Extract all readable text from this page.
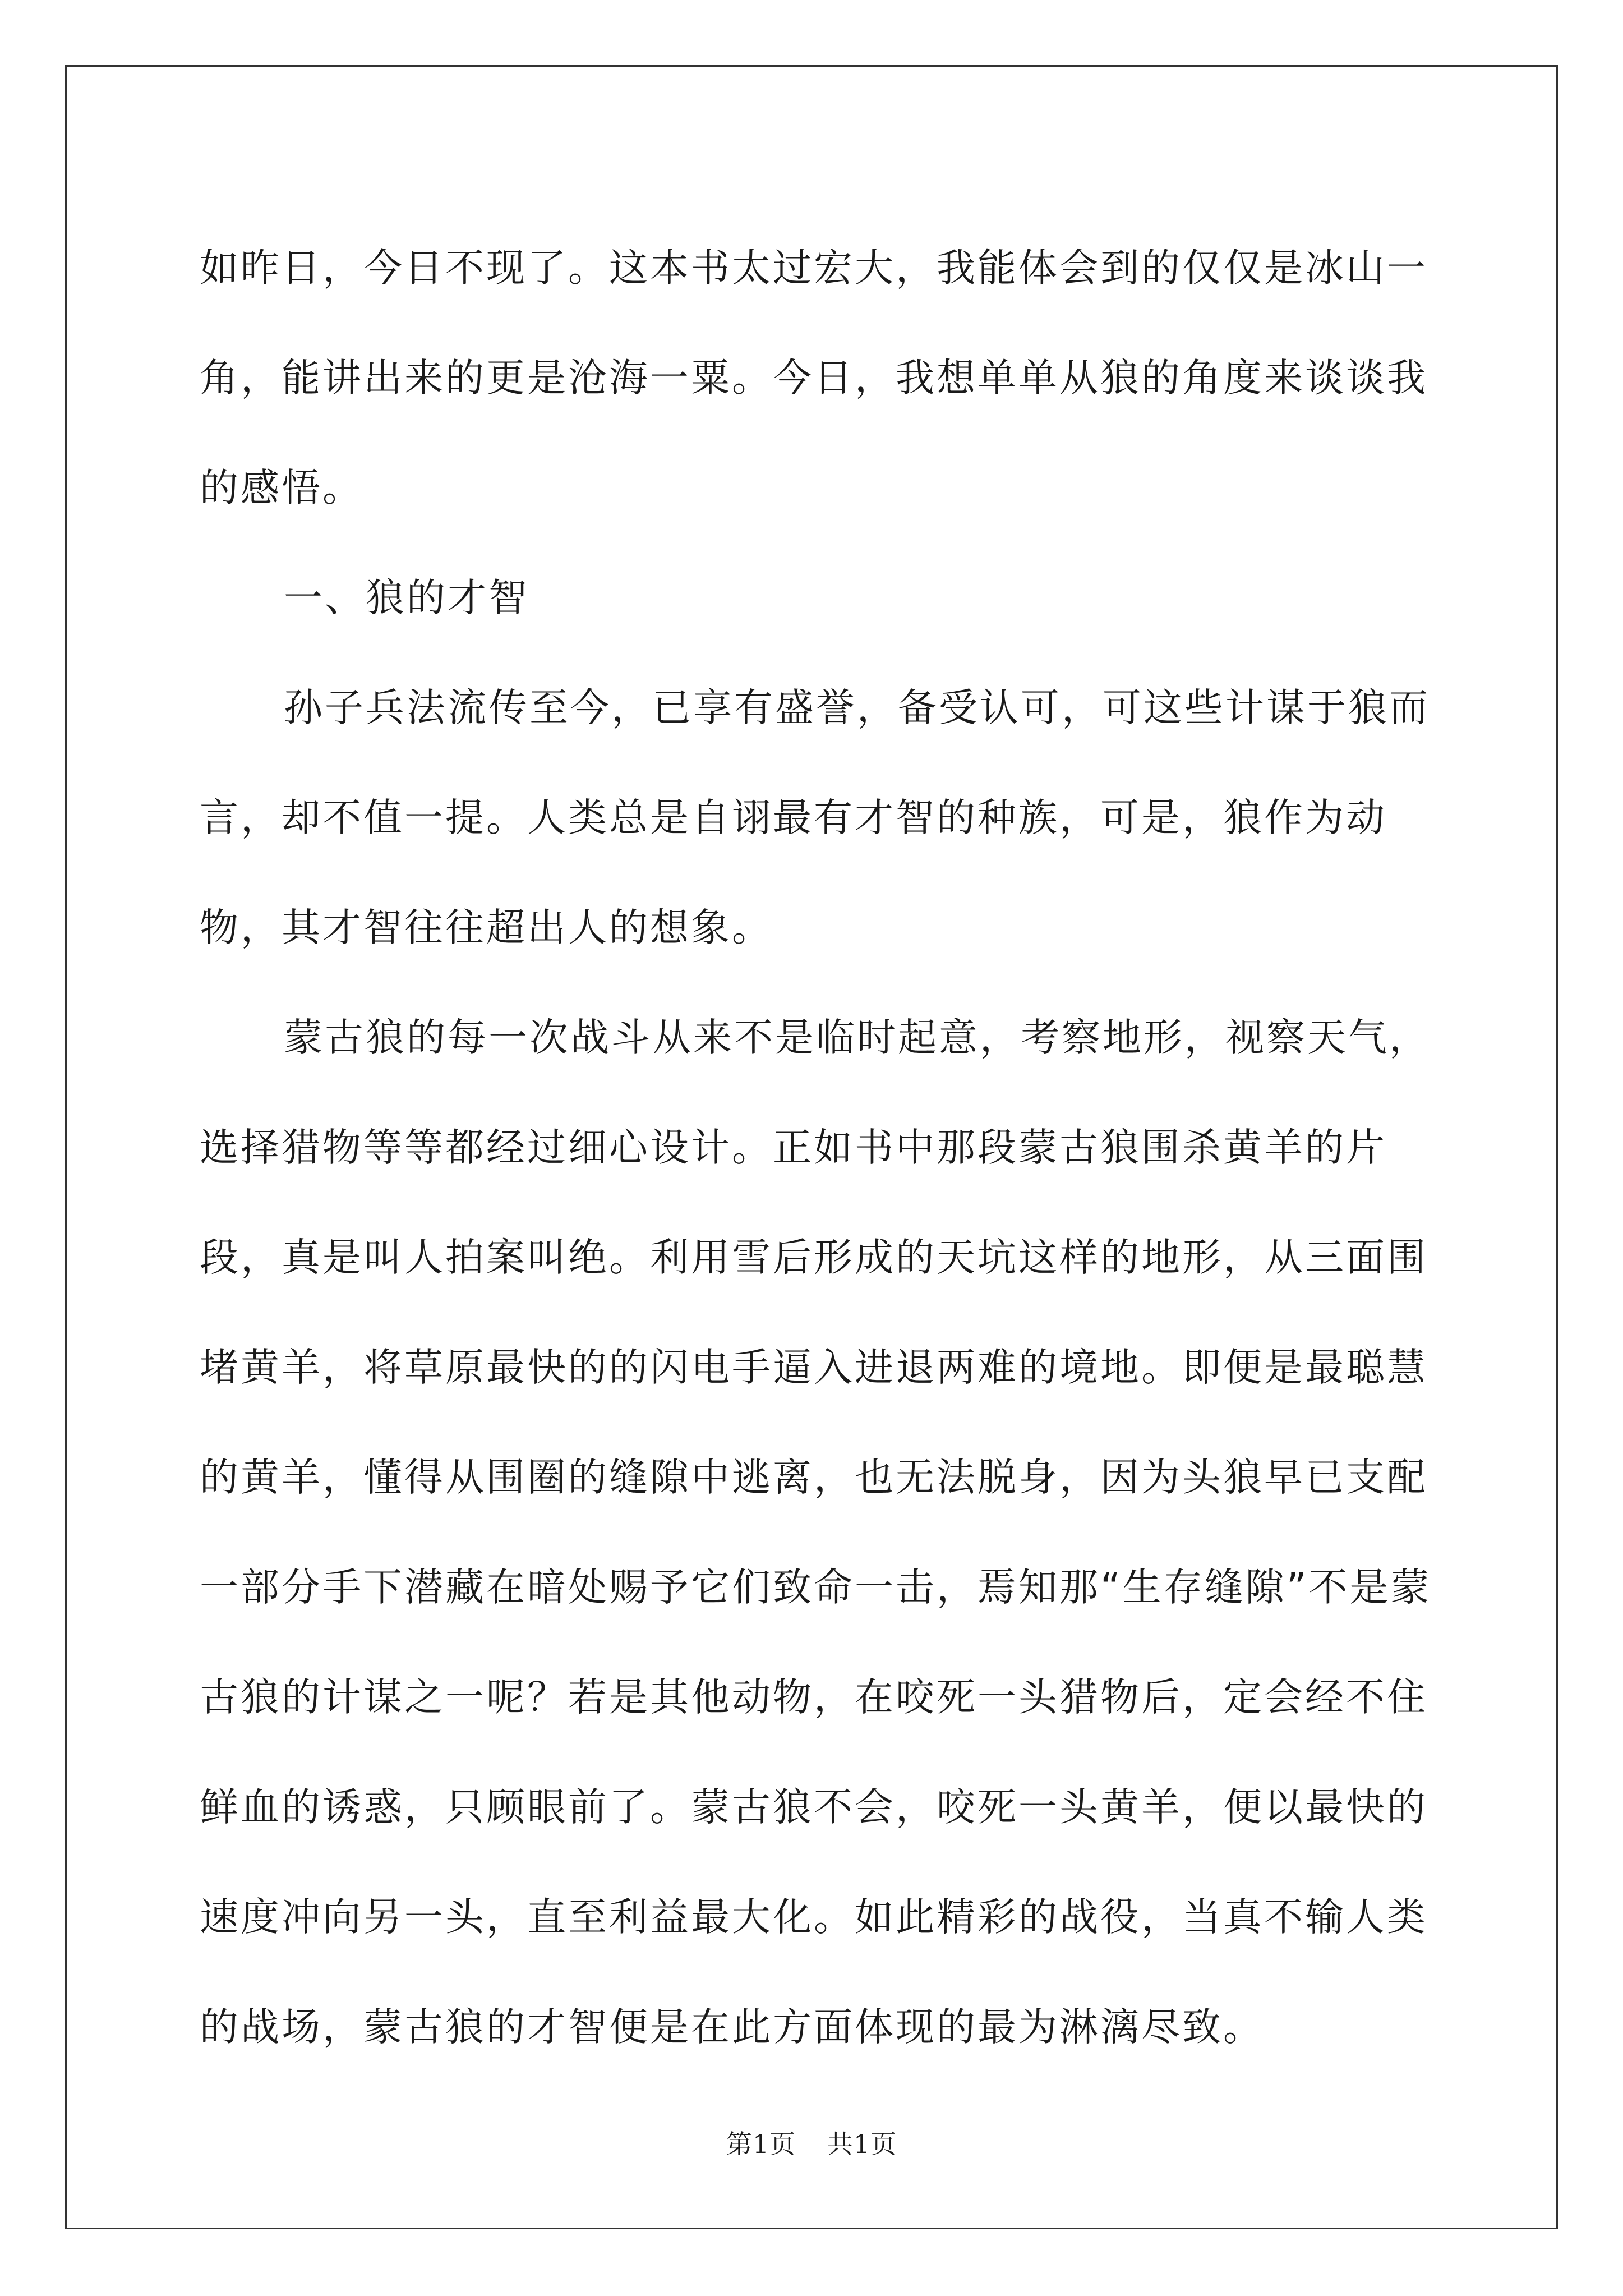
如昨日，今日不现了。这本书太过宏大，我能体会到的仅仅是冰山一角，能讲出来的更是沧海一粟。今日，我想单单从狼的角度来谈谈我的感悟。

一、狼的才智

孙子兵法流传至今，已享有盛誉，备受认可，可这些计谋于狼而言，却不值一提。人类总是自诩最有才智的种族，可是，狼作为动物，其才智往往超出人的想象。

蒙古狼的每一次战斗从来不是临时起意，考察地形，视察天气，选择猎物等等都经过细心设计。正如书中那段蒙古狼围杀黄羊的片段，真是叫人拍案叫绝。利用雪后形成的天坑这样的地形，从三面围堵黄羊，将草原最快的的闪电手逼入进退两难的境地。即便是最聪慧的黄羊，懂得从围圈的缝隙中逃离，也无法脱身，因为头狼早已支配一部分手下潜藏在暗处赐予它们致命一击，焉知那“生存缝隙”不是蒙古狼的计谋之一呢？若是其他动物，在咬死一头猎物后，定会经不住鲜血的诱惑，只顾眼前了。蒙古狼不会，咬死一头黄羊，便以最快的速度冲向另一头，直至利益最大化。如此精彩的战役，当真不输人类的战场，蒙古狼的才智便是在此方面体现的最为淋漓尽致。

第1页 共1页
